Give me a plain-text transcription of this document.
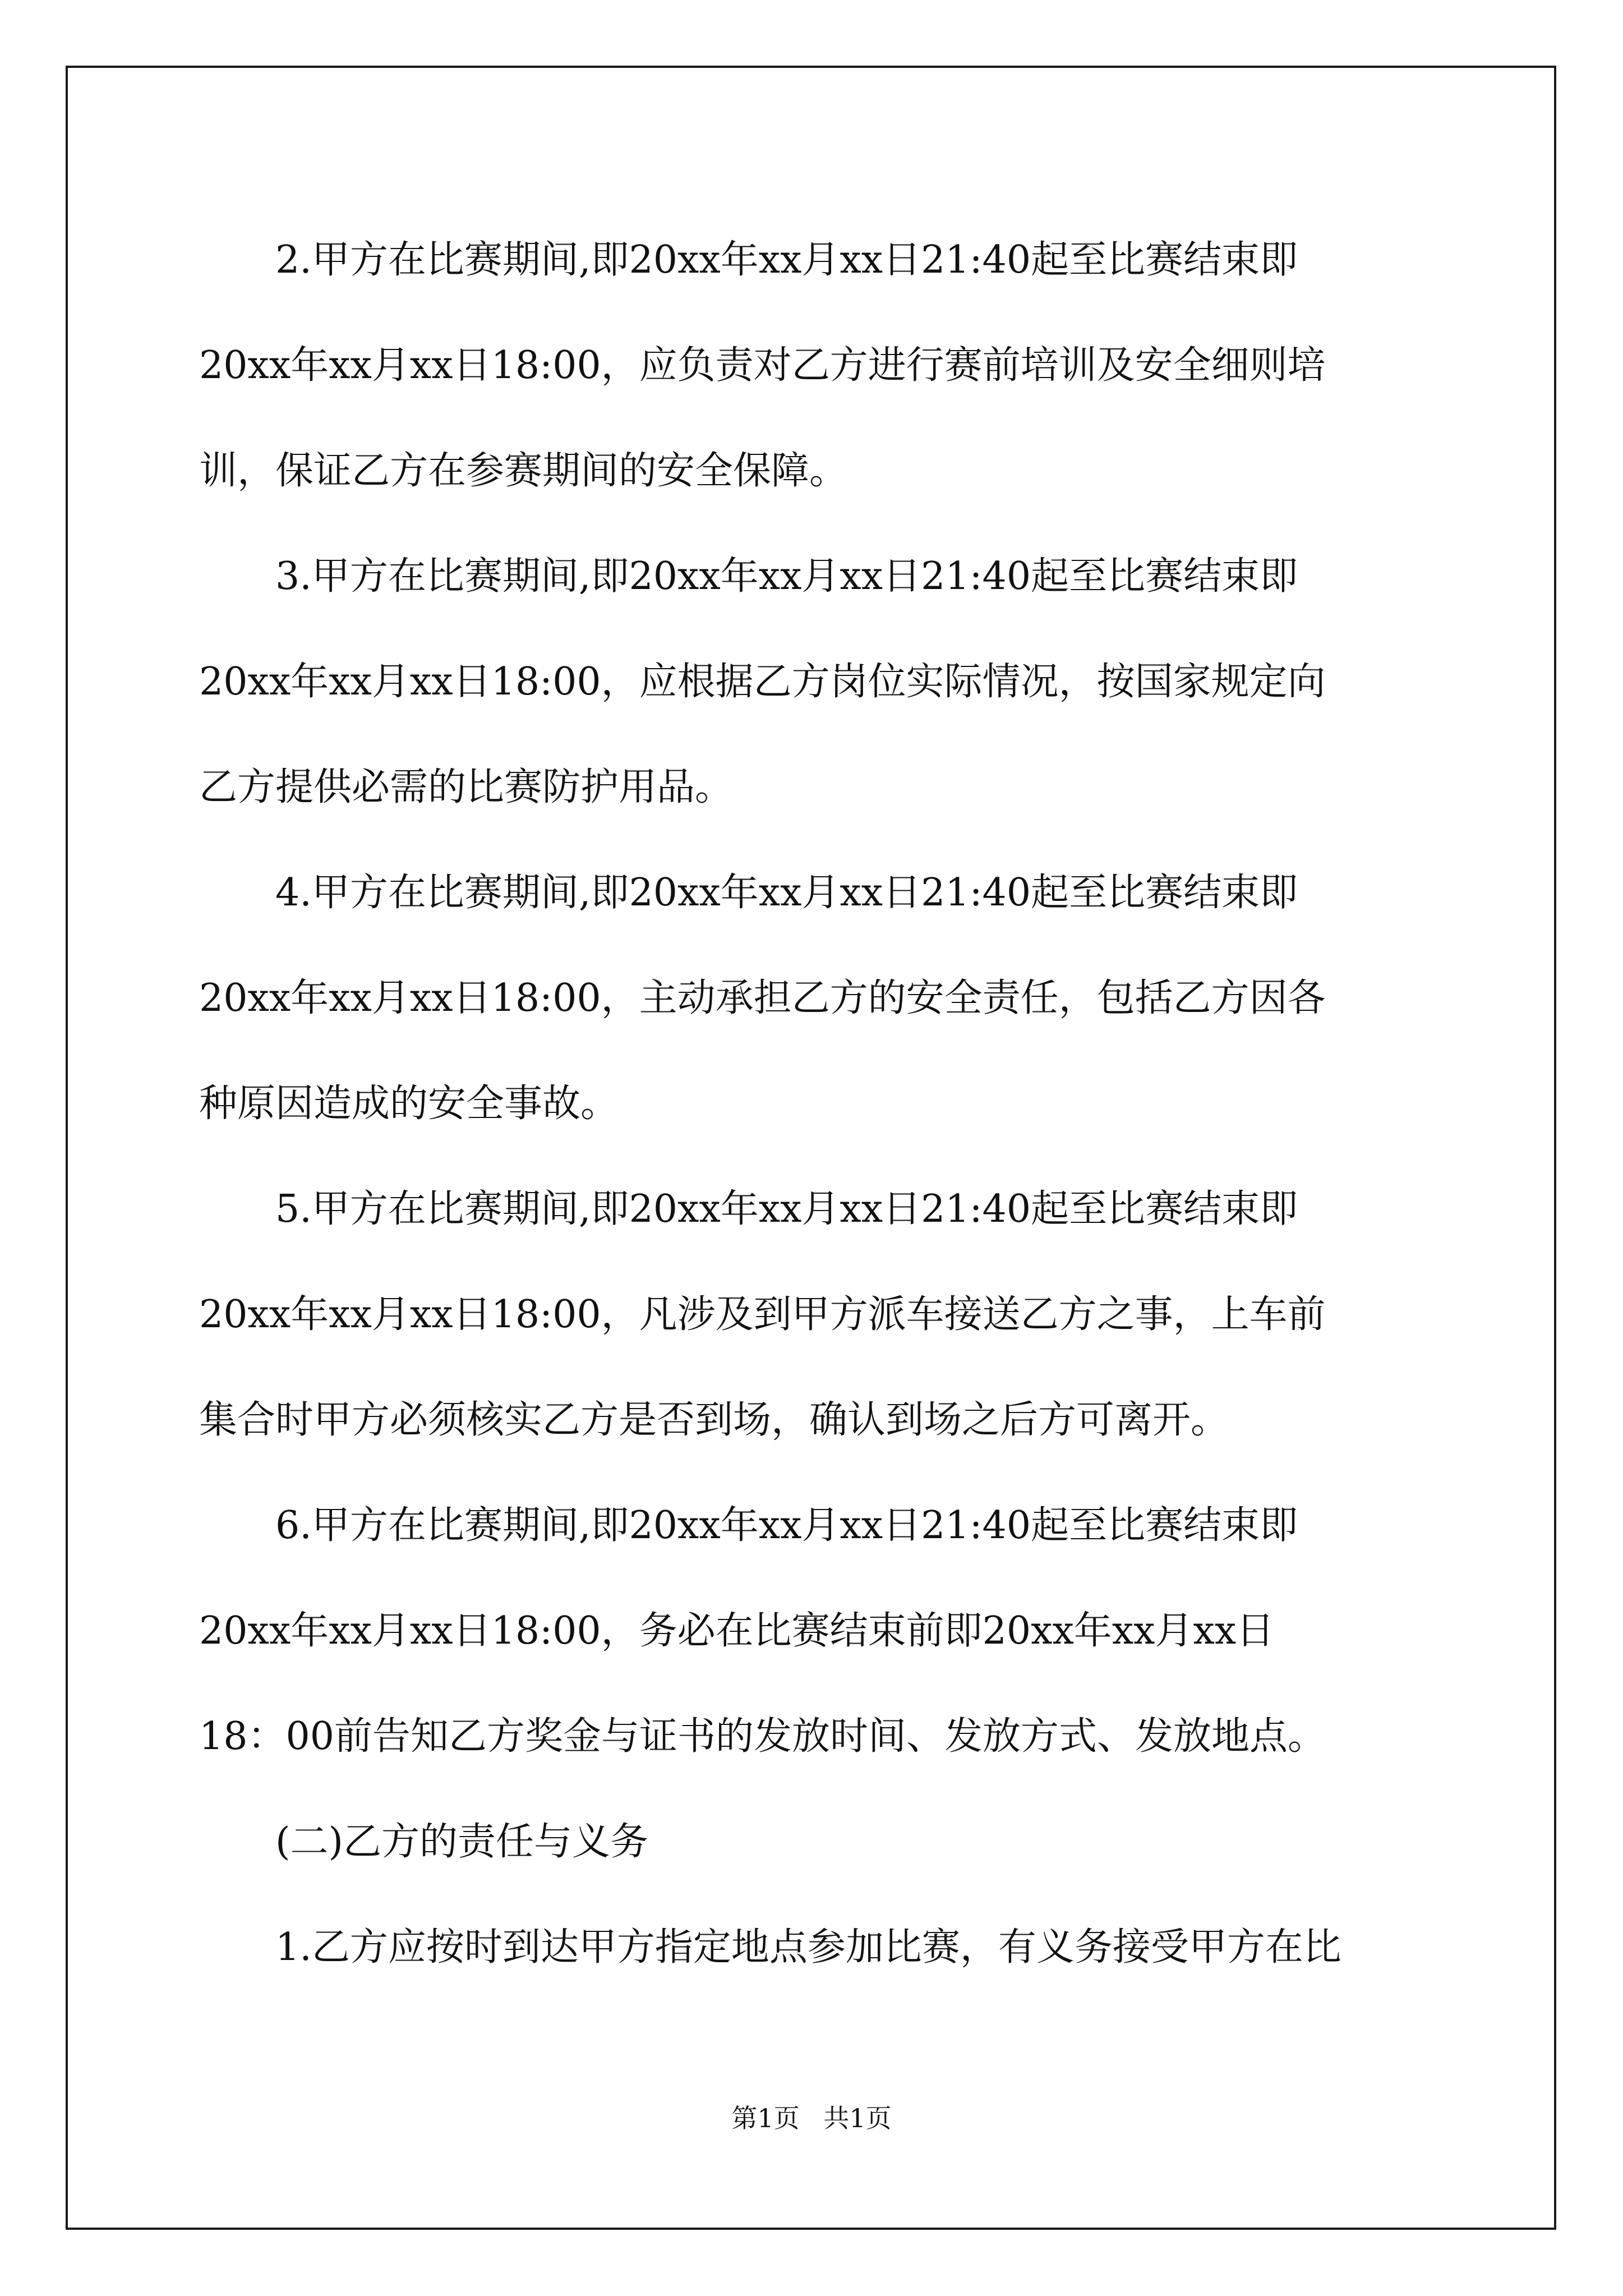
2.甲方在比赛期间,即20xx年xx月xx日21:40起至比赛结束即
20xx年xx月xx日18:00，应负责对乙方进行赛前培训及安全细则培
训，保证乙方在参赛期间的安全保障。

3.甲方在比赛期间,即20xx年xx月xx日21:40起至比赛结束即
20xx年xx月xx日18:00，应根据乙方岗位实际情况，按国家规定向
乙方提供必需的比赛防护用品。

4.甲方在比赛期间,即20xx年xx月xx日21:40起至比赛结束即
20xx年xx月xx日18:00，主动承担乙方的安全责任，包括乙方因各
种原因造成的安全事故。

5.甲方在比赛期间,即20xx年xx月xx日21:40起至比赛结束即
20xx年xx月xx日18:00，凡涉及到甲方派车接送乙方之事，上车前
集合时甲方必须核实乙方是否到场，确认到场之后方可离开。

6.甲方在比赛期间,即20xx年xx月xx日21:40起至比赛结束即
20xx年xx月xx日18:00，务必在比赛结束前即20xx年xx月xx日
18：00前告知乙方奖金与证书的发放时间、发放方式、发放地点。

(二)乙方的责任与义务

1.乙方应按时到达甲方指定地点参加比赛，有义务接受甲方在比

第1页 共1页
